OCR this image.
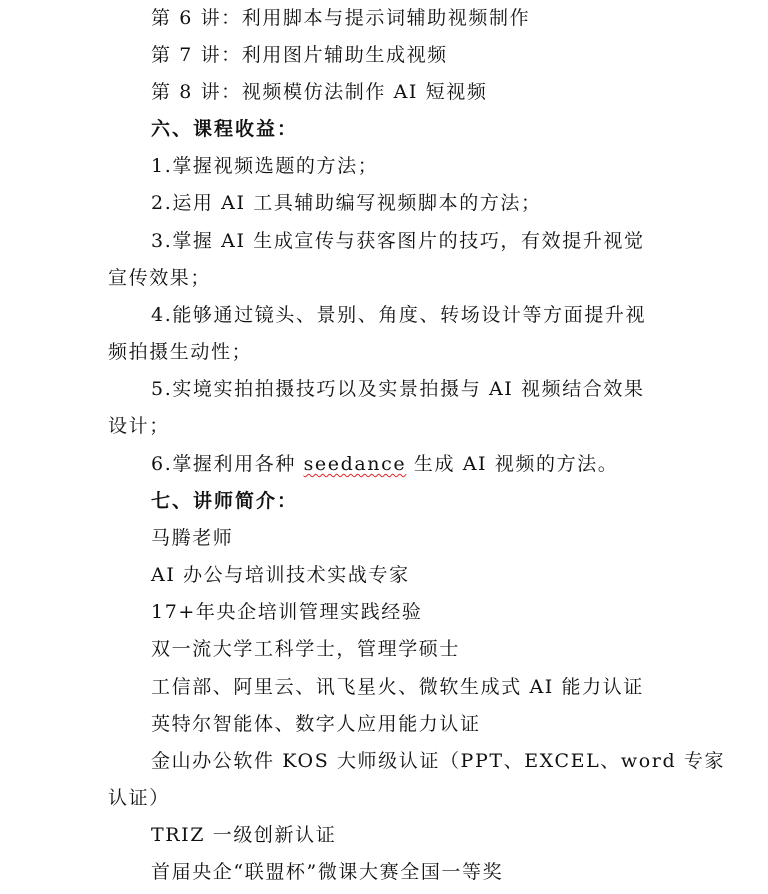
第 6 讲：利用脚本与提示词辅助视频制作
第 7 讲：利用图片辅助生成视频
第 8 讲：视频模仿法制作 AI 短视频
六、课程收益：
1.掌握视频选题的方法；
2.运用 AI 工具辅助编写视频脚本的方法；
3.掌握 AI 生成宣传与获客图片的技巧，有效提升视觉
宣传效果；
4.能够通过镜头、景别、角度、转场设计等方面提升视
频拍摄生动性；
5.实境实拍拍摄技巧以及实景拍摄与 AI 视频结合效果
设计；
6.掌握利用各种 seedance 生成 AI 视频的方法。
七、讲师简介：
马腾老师
AI 办公与培训技术实战专家
17+年央企培训管理实践经验
双一流大学工科学士，管理学硕士
工信部、阿里云、讯飞星火、微软生成式 AI 能力认证
英特尔智能体、数字人应用能力认证
金山办公软件 KOS 大师级认证（PPT、EXCEL、word 专家
认证）
TRIZ 一级创新认证
首届央企“联盟杯”微课大赛全国一等奖
